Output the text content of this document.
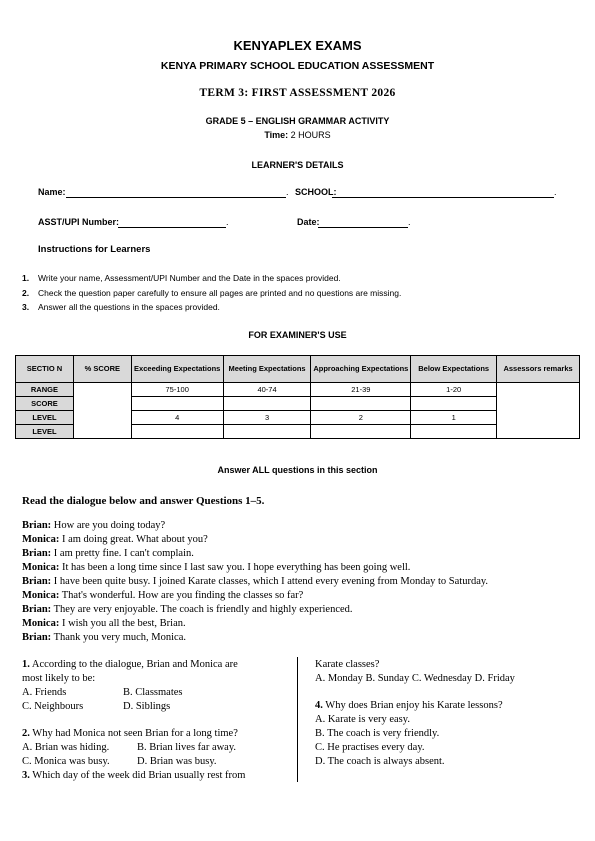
KENYAPLEX EXAMS
KENYA PRIMARY SCHOOL EDUCATION ASSESSMENT
TERM 3: FIRST ASSESSMENT 2026
GRADE 5 – ENGLISH GRAMMAR ACTIVITY
Time: 2 HOURS
LEARNER'S DETAILS
Name:	. SCHOOL:	.
ASST/UPI Number:	.	Date:	.
Instructions for Learners
1. Write your name, Assessment/UPI Number and the Date in the spaces provided.
2. Check the question paper carefully to ensure all pages are printed and no questions are missing.
3. Answer all the questions in the spaces provided.
FOR EXAMINER'S USE
SECTIO N	% SCORE	Exceeding Expectations	Meeting Expectations	Approaching Expectations	Below Expectations	Assessors remarks
RANGE		75-100	40-74	21-39	1-20	
SCORE						
LEVEL		4	3	2	1	
LEVEL						
Answer ALL questions in this section
Read the dialogue below and answer Questions 1–5.
Brian: How are you doing today?
Monica: I am doing great. What about you?
Brian: I am pretty fine. I can't complain.
Monica: It has been a long time since I last saw you. I hope everything has been going well.
Brian: I have been quite busy. I joined Karate classes, which I attend every evening from Monday to Saturday.
Monica: That's wonderful. How are you finding the classes so far?
Brian: They are very enjoyable. The coach is friendly and highly experienced.
Monica: I wish you all the best, Brian.
Brian: Thank you very much, Monica.
1. According to the dialogue, Brian and Monica are
most likely to be:
A. Friends	B. Classmates
C. Neighbours	D. Siblings
2. Why had Monica not seen Brian for a long time?
A. Brian was hiding.	B. Brian lives far away.
C. Monica was busy.	D. Brian was busy.
3. Which day of the week did Brian usually rest from
Karate classes?
A. Monday B. Sunday C. Wednesday D. Friday
4. Why does Brian enjoy his Karate lessons?
A. Karate is very easy.
B. The coach is very friendly.
C. He practises every day.
D. The coach is always absent.
